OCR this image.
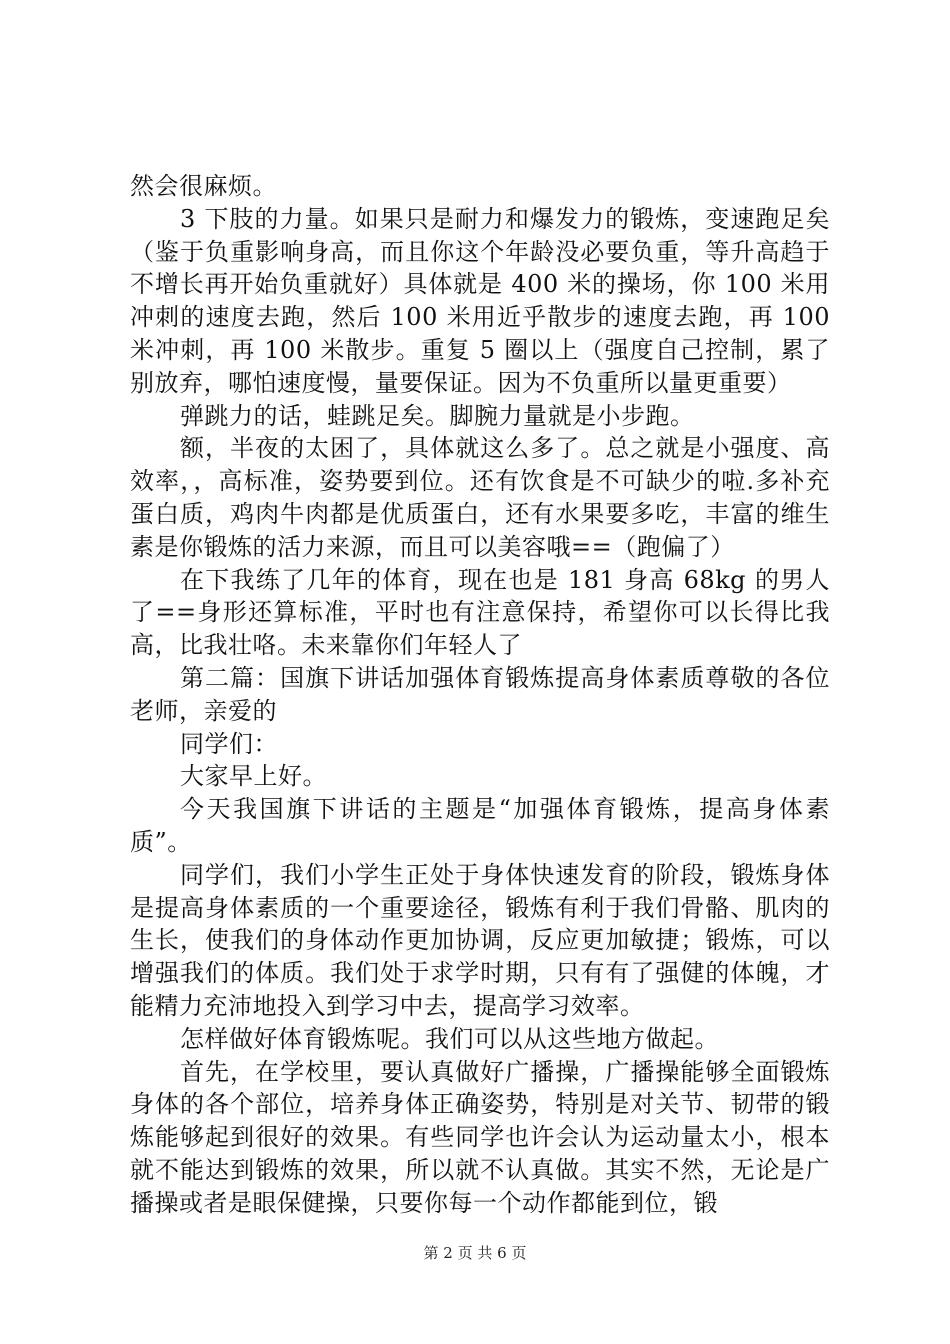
然会很麻烦。

3 下肢的力量。如果只是耐力和爆发力的锻炼，变速跑足矣（鉴于负重影响身高，而且你这个年龄没必要负重，等升高趋于不增长再开始负重就好）具体就是 400 米的操场，你 100 米用冲刺的速度去跑，然后 100 米用近乎散步的速度去跑，再 100 米冲刺，再 100 米散步。重复 5 圈以上（强度自己控制，累了别放弃，哪怕速度慢，量要保证。因为不负重所以量更重要）

弹跳力的话，蛙跳足矣。脚腕力量就是小步跑。

额，半夜的太困了，具体就这么多了。总之就是小强度、高效率，，高标准，姿势要到位。还有饮食是不可缺少的啦.多补充蛋白质，鸡肉牛肉都是优质蛋白，还有水果要多吃，丰富的维生素是你锻炼的活力来源，而且可以美容哦==（跑偏了）

在下我练了几年的体育，现在也是 181 身高 68kg 的男人了==身形还算标准，平时也有注意保持，希望你可以长得比我高，比我壮咯。未来靠你们年轻人了

第二篇：国旗下讲话加强体育锻炼提高身体素质尊敬的各位老师，亲爱的

同学们：

大家早上好。

今天我国旗下讲话的主题是“加强体育锻炼，提高身体素质”。

同学们，我们小学生正处于身体快速发育的阶段，锻炼身体是提高身体素质的一个重要途径，锻炼有利于我们骨骼、肌肉的生长，使我们的身体动作更加协调，反应更加敏捷；锻炼，可以增强我们的体质。我们处于求学时期，只有有了强健的体魄，才能精力充沛地投入到学习中去，提高学习效率。

怎样做好体育锻炼呢。我们可以从这些地方做起。

首先，在学校里，要认真做好广播操，广播操能够全面锻炼身体的各个部位，培养身体正确姿势，特别是对关节、韧带的锻炼能够起到很好的效果。有些同学也许会认为运动量太小，根本就不能达到锻炼的效果，所以就不认真做。其实不然，无论是广播操或者是眼保健操，只要你每一个动作都能到位，锻

第 2 页 共 6 页
